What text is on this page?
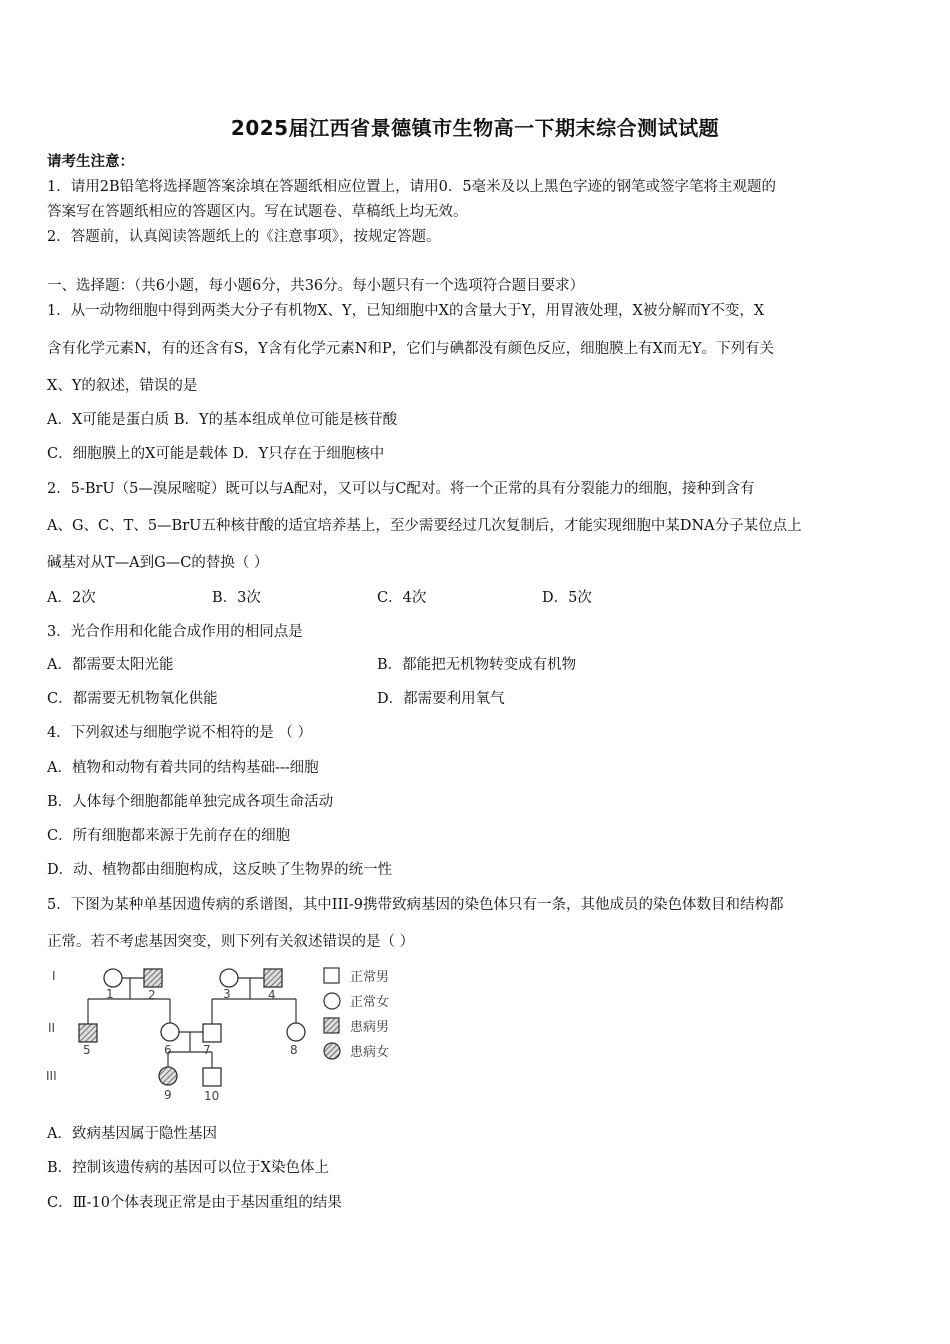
2025届江西省景德镇市生物高一下期末综合测试试题
请考生注意：
1．请用2B铅笔将选择题答案涂填在答题纸相应位置上，请用0．5毫米及以上黑色字迹的钢笔或签字笔将主观题的
答案写在答题纸相应的答题区内。写在试题卷、草稿纸上均无效。
2．答题前，认真阅读答题纸上的《注意事项》，按规定答题。
一、选择题：（共6小题，每小题6分，共36分。每小题只有一个选项符合题目要求）
1．从一动物细胞中得到两类大分子有机物X、Y，已知细胞中X的含量大于Y，用胃液处理，X被分解而Y不变，X
含有化学元素N，有的还含有S，Y含有化学元素N和P，它们与碘都没有颜色反应，细胞膜上有X而无Y。下列有关
X、Y的叙述，错误的是
A．X可能是蛋白质 B．Y的基本组成单位可能是核苷酸
C．细胞膜上的X可能是载体 D．Y只存在于细胞核中
2．5-BrU（5—溴尿嘧啶）既可以与A配对，又可以与C配对。将一个正常的具有分裂能力的细胞，接种到含有
A、G、C、T、5—BrU五种核苷酸的适宜培养基上，至少需要经过几次复制后，才能实现细胞中某DNA分子某位点上
碱基对从T—A到G—C的替换（ ）
A．2次	B．3次	C．4次	D．5次
3．光合作用和化能合成作用的相同点是
A．都需要太阳光能	B．都能把无机物转变成有机物
C．都需要无机物氧化供能	D．都需要利用氧气
4．下列叙述与细胞学说不相符的是 （ ）
A．植物和动物有着共同的结构基础---细胞
B．人体每个细胞都能单独完成各项生命活动
C．所有细胞都来源于先前存在的细胞
D．动、植物都由细胞构成，这反映了生物界的统一性
5．下图为某种单基因遗传病的系谱图，其中III-9携带致病基因的染色体只有一条，其他成员的染色体数目和结构都
正常。若不考虑基因突变，则下列有关叙述错误的是（ ）
I
II
III
1	2	3	4
5	6	7	8
9	10
正常男
正常女
患病男
患病女
A．致病基因属于隐性基因
B．控制该遗传病的基因可以位于X染色体上
C．Ⅲ-10个体表现正常是由于基因重组的结果
